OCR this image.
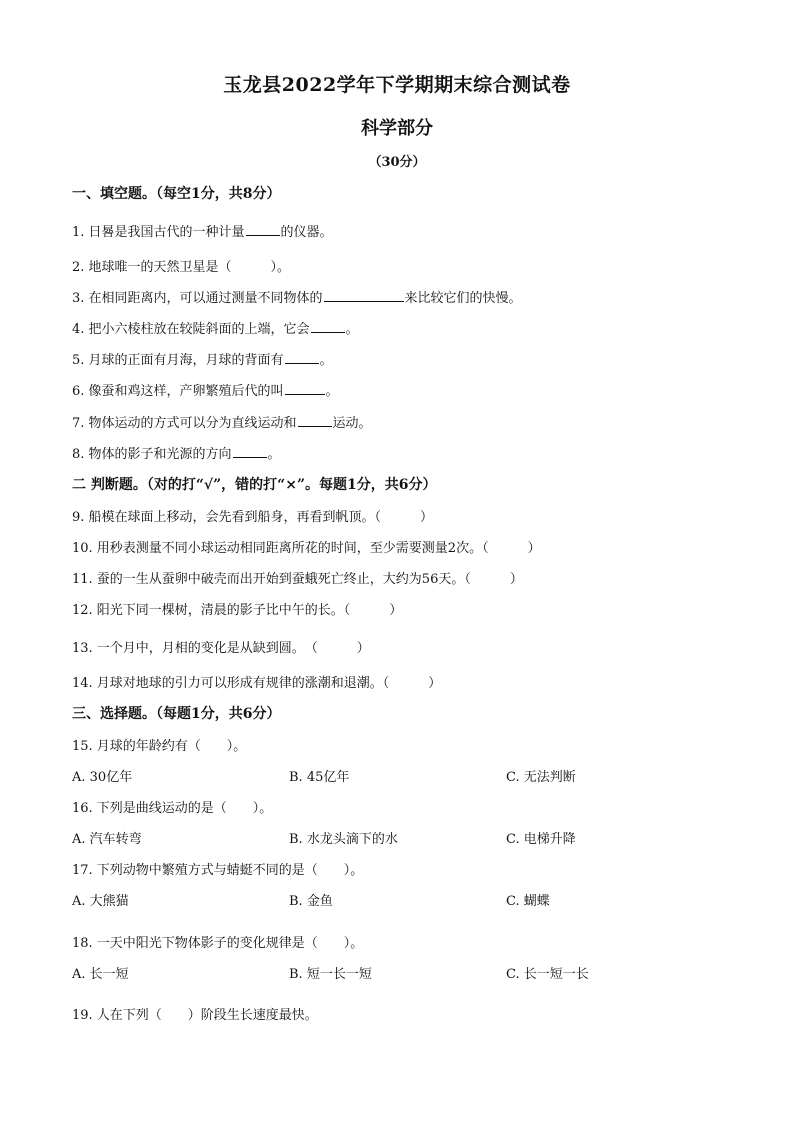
玉龙县2022学年下学期期末综合测试卷
科学部分
（30分）
一、填空题。（每空1分，共8分）
1. 日晷是我国古代的一种计量	的仪器。
2. 地球唯一的天然卫星是（　　　）。
3. 在相同距离内，可以通过测量不同物体的	来比较它们的快慢。
4. 把小六棱柱放在较陡斜面的上端，它会	。
5. 月球的正面有月海，月球的背面有	。
6. 像蚕和鸡这样，产卵繁殖后代的叫	。
7. 物体运动的方式可以分为直线运动和	运动。
8. 物体的影子和光源的方向	。
二 判断题。（对的打“√”，错的打“×”。每题1分，共6分）
9. 船模在球面上移动，会先看到船身，再看到帆顶。（　　　）
10. 用秒表测量不同小球运动相同距离所花的时间，至少需要测量2次。（　　　）
11. 蚕的一生从蚕卵中破壳而出开始到蚕蛾死亡终止，大约为56天。（　　　）
12. 阳光下同一棵树，清晨的影子比中午的长。（　　　）
13. 一个月中，月相的变化是从缺到圆。　（　　　）
14. 月球对地球的引力可以形成有规律的涨潮和退潮。（　　　）
三、选择题。（每题1分，共6分）
15. 月球的年龄约有（　　）。
A. 30亿年	B. 45亿年	C. 无法判断
16. 下列是曲线运动的是（　　）。
A. 汽车转弯	B. 水龙头滴下的水	C. 电梯升降
17. 下列动物中繁殖方式与蜻蜓不同的是（　　）。
A. 大熊猫	B. 金鱼	C. 蝴蝶
18. 一天中阳光下物体影子的变化规律是（　　）。
A. 长一短	B. 短一长一短	C. 长一短一长
19. 人在下列（　　）阶段生长速度最快。
